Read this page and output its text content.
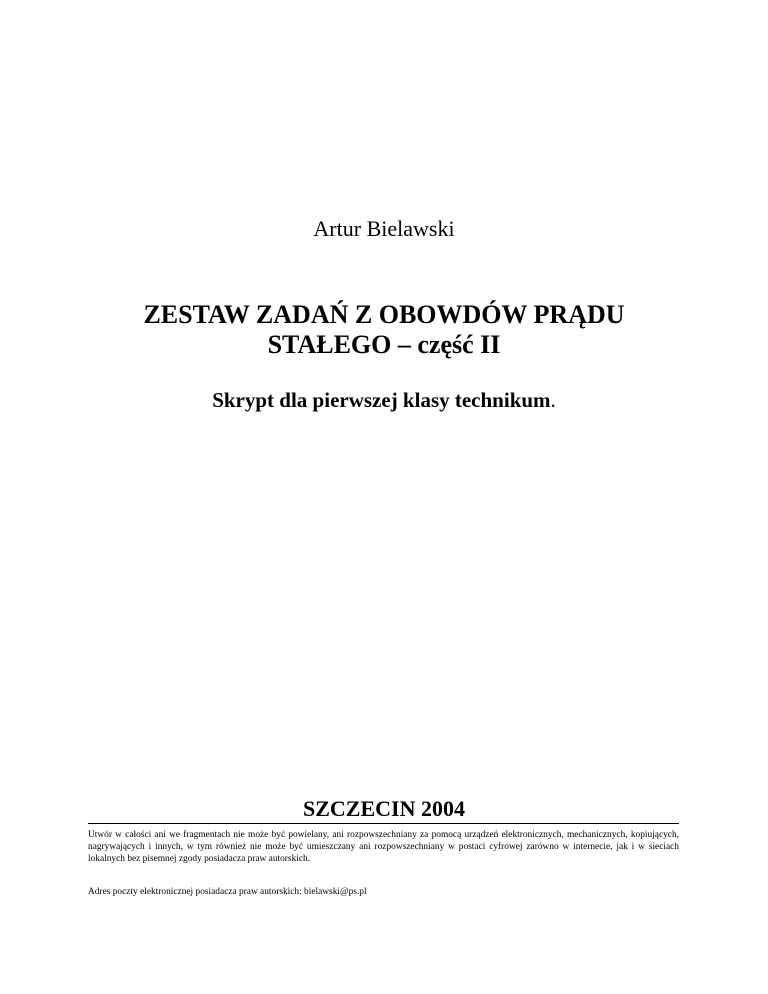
Artur Bielawski
ZESTAW ZADAŃ Z OBOWDÓW PRĄDU
STAŁEGO – część II
Skrypt dla pierwszej klasy technikum.
SZCZECIN 2004
Utwór w całości ani we fragmentach nie może być powielany, ani rozpowszechniany za pomocą urządzeń elektronicznych, mechanicznych, kopiujących, nagrywających i innych, w tym również nie może być umieszczany ani rozpowszechniany w postaci cyfrowej zarówno w internecie, jak i w sieciach lokalnych bez pisemnej zgody posiadacza praw autorskich.
Adres poczty elektronicznej posiadacza praw autorskich: bielawski@ps.pl
